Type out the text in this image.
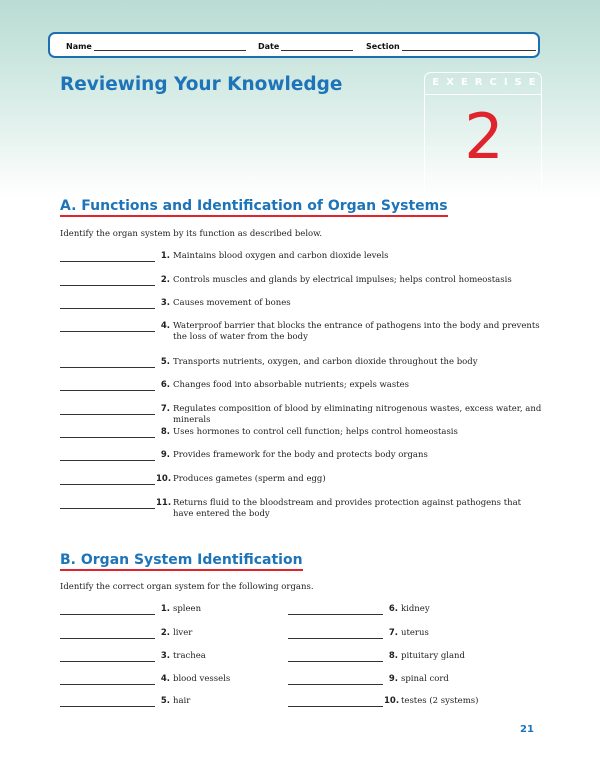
Name	Date	Section
Reviewing Your Knowledge	EXERCISE
2
A. Functions and Identification of Organ Systems
Identify the organ system by its function as described below.
1. Maintains blood oxygen and carbon dioxide levels
2. Controls muscles and glands by electrical impulses; helps control homeostasis
3. Causes movement of bones
4. Waterproof barrier that blocks the entrance of pathogens into the body and prevents the loss of water from the body
5. Transports nutrients, oxygen, and carbon dioxide throughout the body
6. Changes food into absorbable nutrients; expels wastes
7. Regulates composition of blood by eliminating nitrogenous wastes, excess water, and minerals
8. Uses hormones to control cell function; helps control homeostasis
9. Provides framework for the body and protects body organs
10. Produces gametes (sperm and egg)
11. Returns fluid to the bloodstream and provides protection against pathogens that have entered the body
B. Organ System Identification
Identify the correct organ system for the following organs.
1. spleen
2. liver
3. trachea
4. blood vessels
5. hair
6. kidney
7. uterus
8. pituitary gland
9. spinal cord
10. testes (2 systems)
21
